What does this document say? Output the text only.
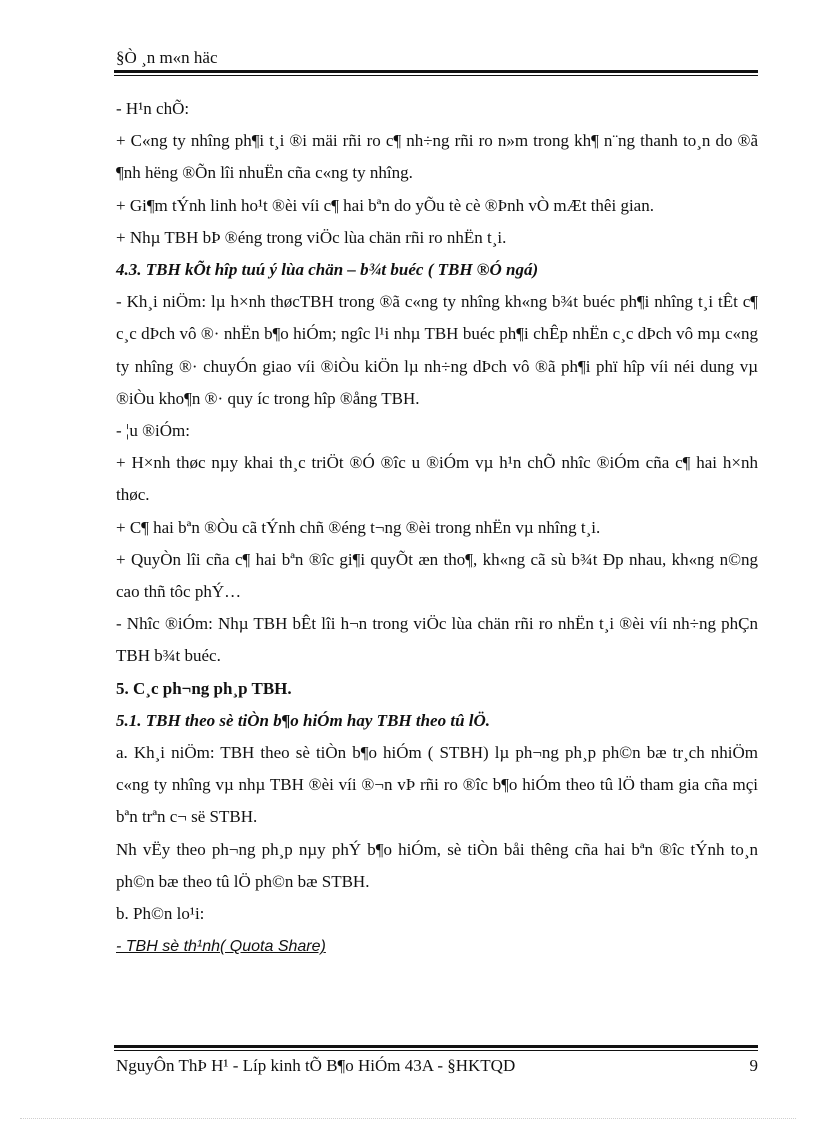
§Ò ¸n m«n häc

- H¹n chÕ:

+ C«ng ty nhîng ph¶i t¸i ®i mäi rñi ro c¶ nh÷ng rñi ro n»m trong kh¶ n¨ng thanh to¸n do ®ã ¶nh hëng ®Õn lîi nhuËn cña c«ng ty nhîng.

+ Gi¶m tÝnh linh ho¹t ®èi víi c¶ hai bªn do yÕu tè cè ®Þnh vÒ mÆt thêi gian.

+ Nhµ TBH bÞ ®éng trong viÖc lùa chän rñi ro nhËn t¸i.

4.3. TBH kÕt hîp tuú ý lùa chän – b¾t buéc ( TBH ®Ó ngá)

- Kh¸i niÖm: lµ h×nh thøcTBH trong ®ã c«ng ty nhîng kh«ng b¾t buéc ph¶i nhîng t¸i tÊt c¶ c¸c dÞch vô ®· nhËn b¶o hiÓm; ngîc l¹i nhµ TBH buéc ph¶i chÊp nhËn c¸c dÞch vô mµ c«ng ty nhîng ®· chuyÓn giao víi ®iÒu kiÖn lµ nh÷ng dÞch vô ®ã ph¶i phï hîp víi néi dung vµ ®iÒu kho¶n ®· quy íc trong hîp ®ång TBH.

- ¦u ®iÓm:

+ H×nh thøc nµy khai th¸c triÖt ®Ó ®îc u ®iÓm vµ h¹n chÕ nhîc ®iÓm cña c¶ hai h×nh thøc.

+ C¶ hai bªn ®Òu cã tÝnh chñ ®éng t¬ng ®èi trong nhËn vµ nhîng t¸i.

+ QuyÒn lîi cña c¶ hai bªn ®îc gi¶i quyÕt æn tho¶, kh«ng cã sù b¾t Ðp nhau, kh«ng n©ng cao thñ tôc phÝ…

- Nhîc ®iÓm: Nhµ TBH bÊt lîi h¬n trong viÖc lùa chän rñi ro nhËn t¸i ®èi víi nh÷ng phÇn TBH b¾t buéc.

5. C¸c ph¬ng ph¸p TBH.

5.1. TBH theo sè tiÒn b¶o hiÓm hay TBH theo tû lÖ.

a. Kh¸i niÖm: TBH theo sè tiÒn b¶o hiÓm ( STBH) lµ ph¬ng ph¸p ph©n bæ tr¸ch nhiÖm c«ng ty nhîng vµ nhµ TBH ®èi víi ®¬n vÞ rñi ro ®îc b¶o hiÓm theo tû lÖ tham gia cña mçi bªn trªn c¬ së STBH.

Nh vËy theo ph¬ng ph¸p nµy phÝ b¶o hiÓm, sè tiÒn båi thêng cña hai bªn ®îc tÝnh to¸n ph©n bæ theo tû lÖ ph©n bæ STBH.

b. Ph©n lo¹i:

- TBH sè th¹nh( Quota Share)

NguyÔn ThÞ H¹ - Líp kinh tÕ B¶o HiÓm 43A - §HKTQD	9
